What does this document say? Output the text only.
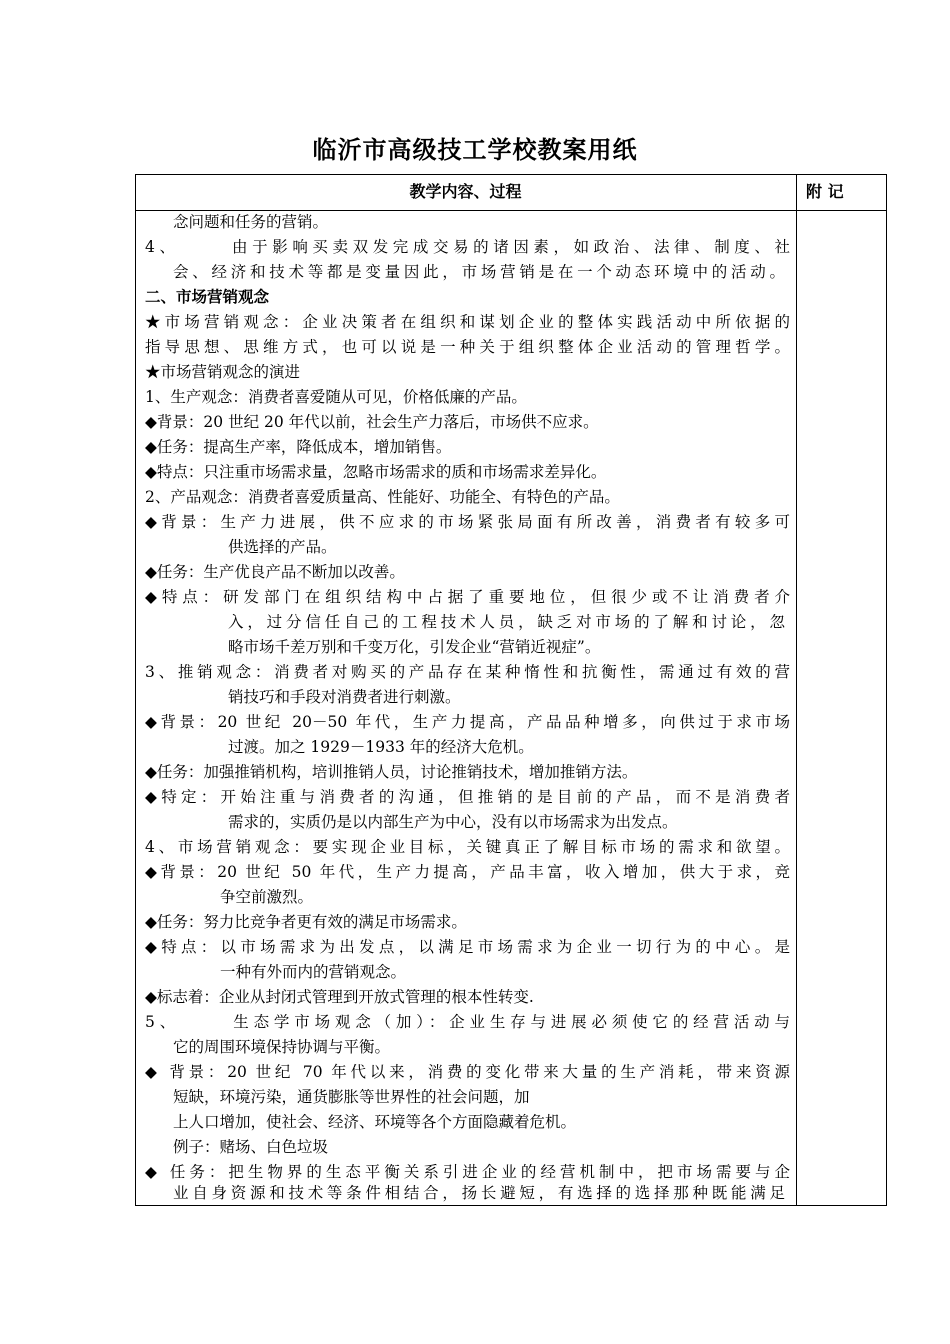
临沂市高级技工学校教案用纸
教学内容、过程	附 记
念问题和任务的营销。
4、　　　由于影响买卖双发完成交易的诸因素，如政治、法律、制度、社
会、经济和技术等都是变量因此，市场营销是在一个动态环境中的活动。
二、市场营销观念
★市场营销观念：企业决策者在组织和谋划企业的整体实践活动中所依据的
指导思想、思维方式，也可以说是一种关于组织整体企业活动的管理哲学。
★市场营销观念的演进
1、生产观念：消费者喜爱随从可见，价格低廉的产品。
◆背景：20 世纪 20 年代以前，社会生产力落后，市场供不应求。
◆任务：提高生产率，降低成本，增加销售。
◆特点：只注重市场需求量，忽略市场需求的质和市场需求差异化。
2、产品观念：消费者喜爱质量高、性能好、功能全、有特色的产品。
◆背景：生产力进展，供不应求的市场紧张局面有所改善，消费者有较多可
供选择的产品。
◆任务：生产优良产品不断加以改善。
◆特点：研发部门在组织结构中占据了重要地位，但很少或不让消费者介
入，过分信任自己的工程技术人员，缺乏对市场的了解和讨论，忽
略市场千差万别和千变万化，引发企业“营销近视症”。
3、推销观念：消费者对购买的产品存在某种惰性和抗衡性，需通过有效的营
销技巧和手段对消费者进行刺激。
◆背景：20 世纪 20－50 年代，生产力提高，产品品种增多，向供过于求市场
过渡。加之 1929－1933 年的经济大危机。
◆任务：加强推销机构，培训推销人员，讨论推销技术，增加推销方法。
◆特定：开始注重与消费者的沟通，但推销的是目前的产品，而不是消费者
需求的，实质仍是以内部生产为中心，没有以市场需求为出发点。
4、市场营销观念：要实现企业目标，关键真正了解目标市场的需求和欲望。
◆背景：20 世纪 50 年代，生产力提高，产品丰富，收入增加，供大于求，竞
争空前激烈。
◆任务：努力比竞争者更有效的满足市场需求。
◆特点：以市场需求为出发点，以满足市场需求为企业一切行为的中心。是
一种有外而内的营销观念。
◆标志着：企业从封闭式管理到开放式管理的根本性转变.
5、　　　生态学市场观念（加）：企业生存与进展必须使它的经营活动与
它的周围环境保持协调与平衡。
◆ 背景：20 世纪 70 年代以来，消费的变化带来大量的生产消耗，带来资源
短缺，环境污染，通货膨胀等世界性的社会问题，加
上人口增加，使社会、经济、环境等各个方面隐藏着危机。
例子：赌场、白色垃圾
◆ 任务：把生物界的生态平衡关系引进企业的经营机制中，把市场需要与企
业自身资源和技术等条件相结合，扬长避短，有选择的选择那种既能满足
